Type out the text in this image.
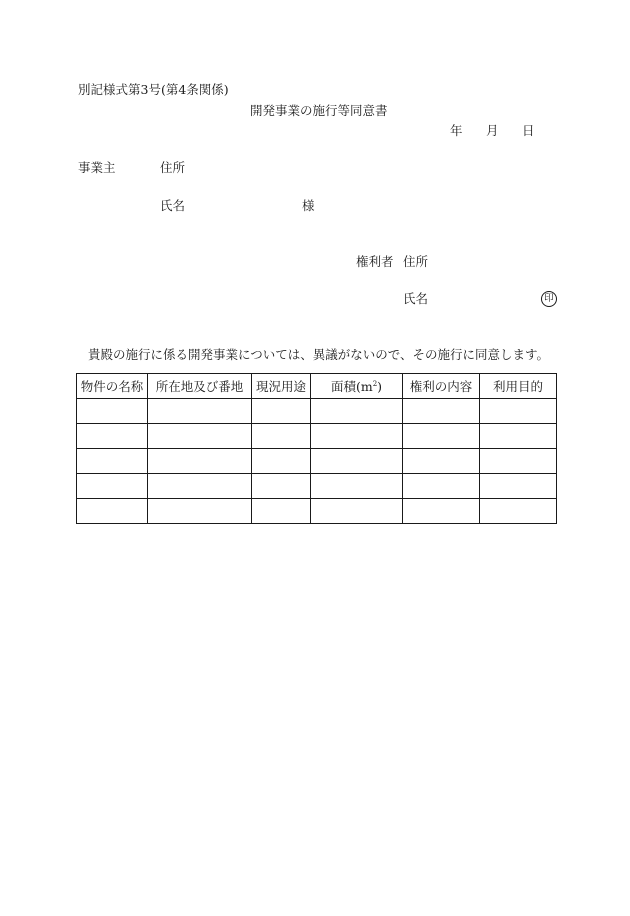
別記様式第3号(第4条関係)
開発事業の施行等同意書
年 月 日
事業主	住所
氏名	様
権利者 住所
氏名	印
貴殿の施行に係る開発事業については、異議がないので、その施行に同意します。
物件の名称	所在地及び番地	現況用途	面積$(m^2)$	権利の内容	利用目的
